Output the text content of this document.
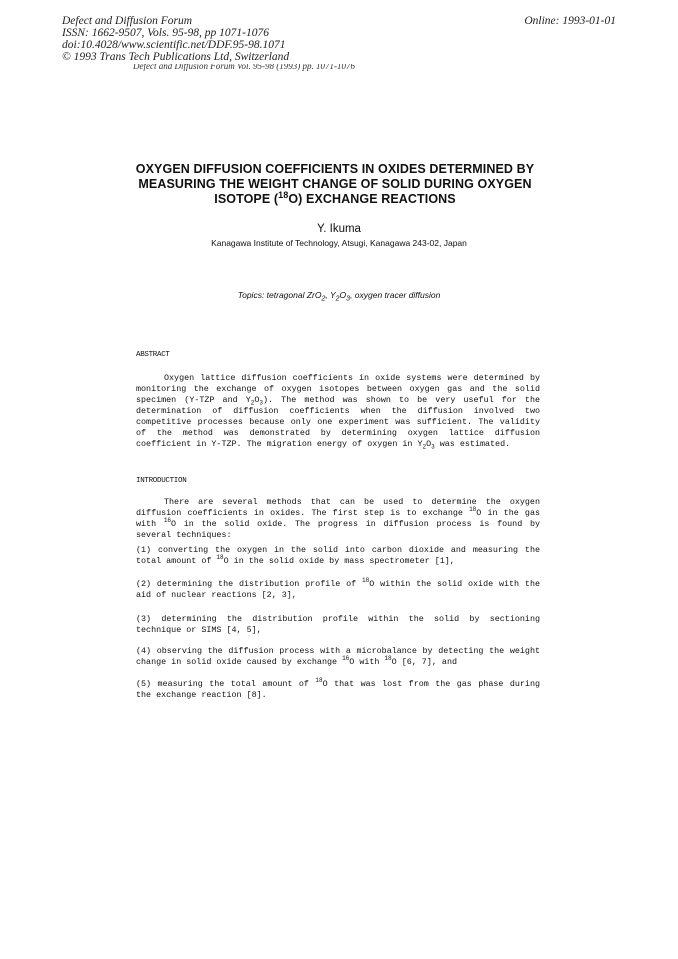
Defect and Diffusion Forum
ISSN: 1662-9507, Vols. 95-98, pp 1071-1076
doi:10.4028/www.scientific.net/DDF.95-98.1071
© 1993 Trans Tech Publications Ltd, Switzerland
Online: 1993-01-01
Defect and Diffusion Forum Vol. 95-98 (1993) pp. 1071-1076
OXYGEN DIFFUSION COEFFICIENTS IN OXIDES DETERMINED BY
MEASURING THE WEIGHT CHANGE OF SOLID DURING OXYGEN
ISOTOPE ($^{18}$O) EXCHANGE REACTIONS
Y. Ikuma
Kanagawa Institute of Technology, Atsugi, Kanagawa 243-02, Japan
Topics: tetragonal ZrO$_2$, $Y_2O_3$, oxygen tracer diffusion
ABSTRACT
Oxygen lattice diffusion coefficients in oxide systems were determined by monitoring the exchange of oxygen isotopes between oxygen gas and the solid specimen (Y-TZP and $Y_2O_3$). The method was shown to be very useful for the determination of diffusion coefficients when the diffusion involved two competitive processes because only one experiment was sufficient. The validity of the method was demonstrated by determining oxygen lattice diffusion coefficient in Y-TZP. The migration energy of oxygen in $Y_2O_3$ was estimated.
INTRODUCTION
There are several methods that can be used to determine the oxygen diffusion coefficients in oxides. The first step is to exchange $^{18}$O in the gas with $^{16}$O in the solid oxide. The progress in diffusion process is found by several techniques:
(1) converting the oxygen in the solid into carbon dioxide and measuring the total amount of $^{18}$O in the solid oxide by mass spectrometer [1],
(2) determining the distribution profile of $^{18}$O within the solid oxide with the aid of nuclear reactions [2, 3],
(3) determining the distribution profile within the solid by sectioning technique or SIMS [4, 5],
(4) observing the diffusion process with a microbalance by detecting the weight change in solid oxide caused by exchange $^{16}$O with $^{18}$O [6, 7], and
(5) measuring the total amount of $^{18}$O that was lost from the gas phase during the exchange reaction [8].
